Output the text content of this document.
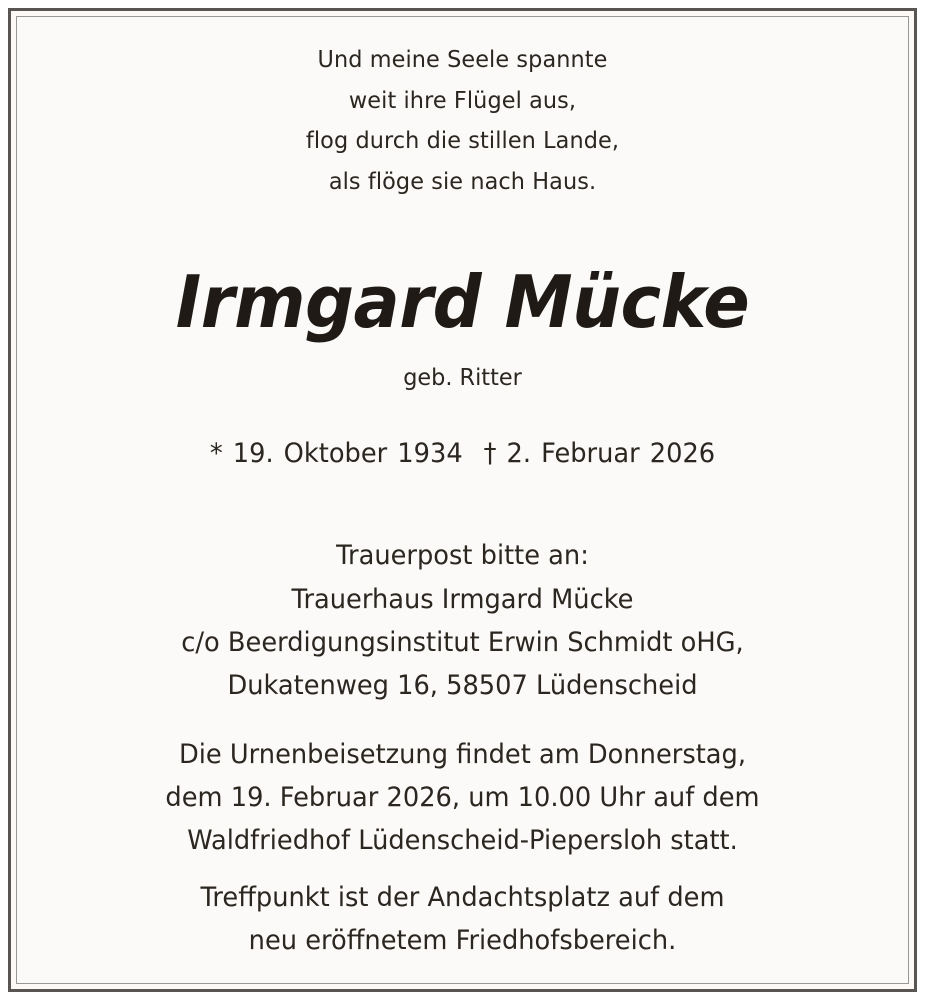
Und meine Seele spannte
weit ihre Flügel aus,
flog durch die stillen Lande,
als flöge sie nach Haus.
Irmgard Mücke
geb. Ritter
* 19. Oktober 1934 † 2. Februar 2026
Trauerpost bitte an:
Trauerhaus Irmgard Mücke
c/o Beerdigungsinstitut Erwin Schmidt oHG,
Dukatenweg 16, 58507 Lüdenscheid
Die Urnenbeisetzung findet am Donnerstag,
dem 19. Februar 2026, um 10.00 Uhr auf dem
Waldfriedhof Lüdenscheid-Piepersloh statt.
Treffpunkt ist der Andachtsplatz auf dem
neu eröffnetem Friedhofsbereich.
